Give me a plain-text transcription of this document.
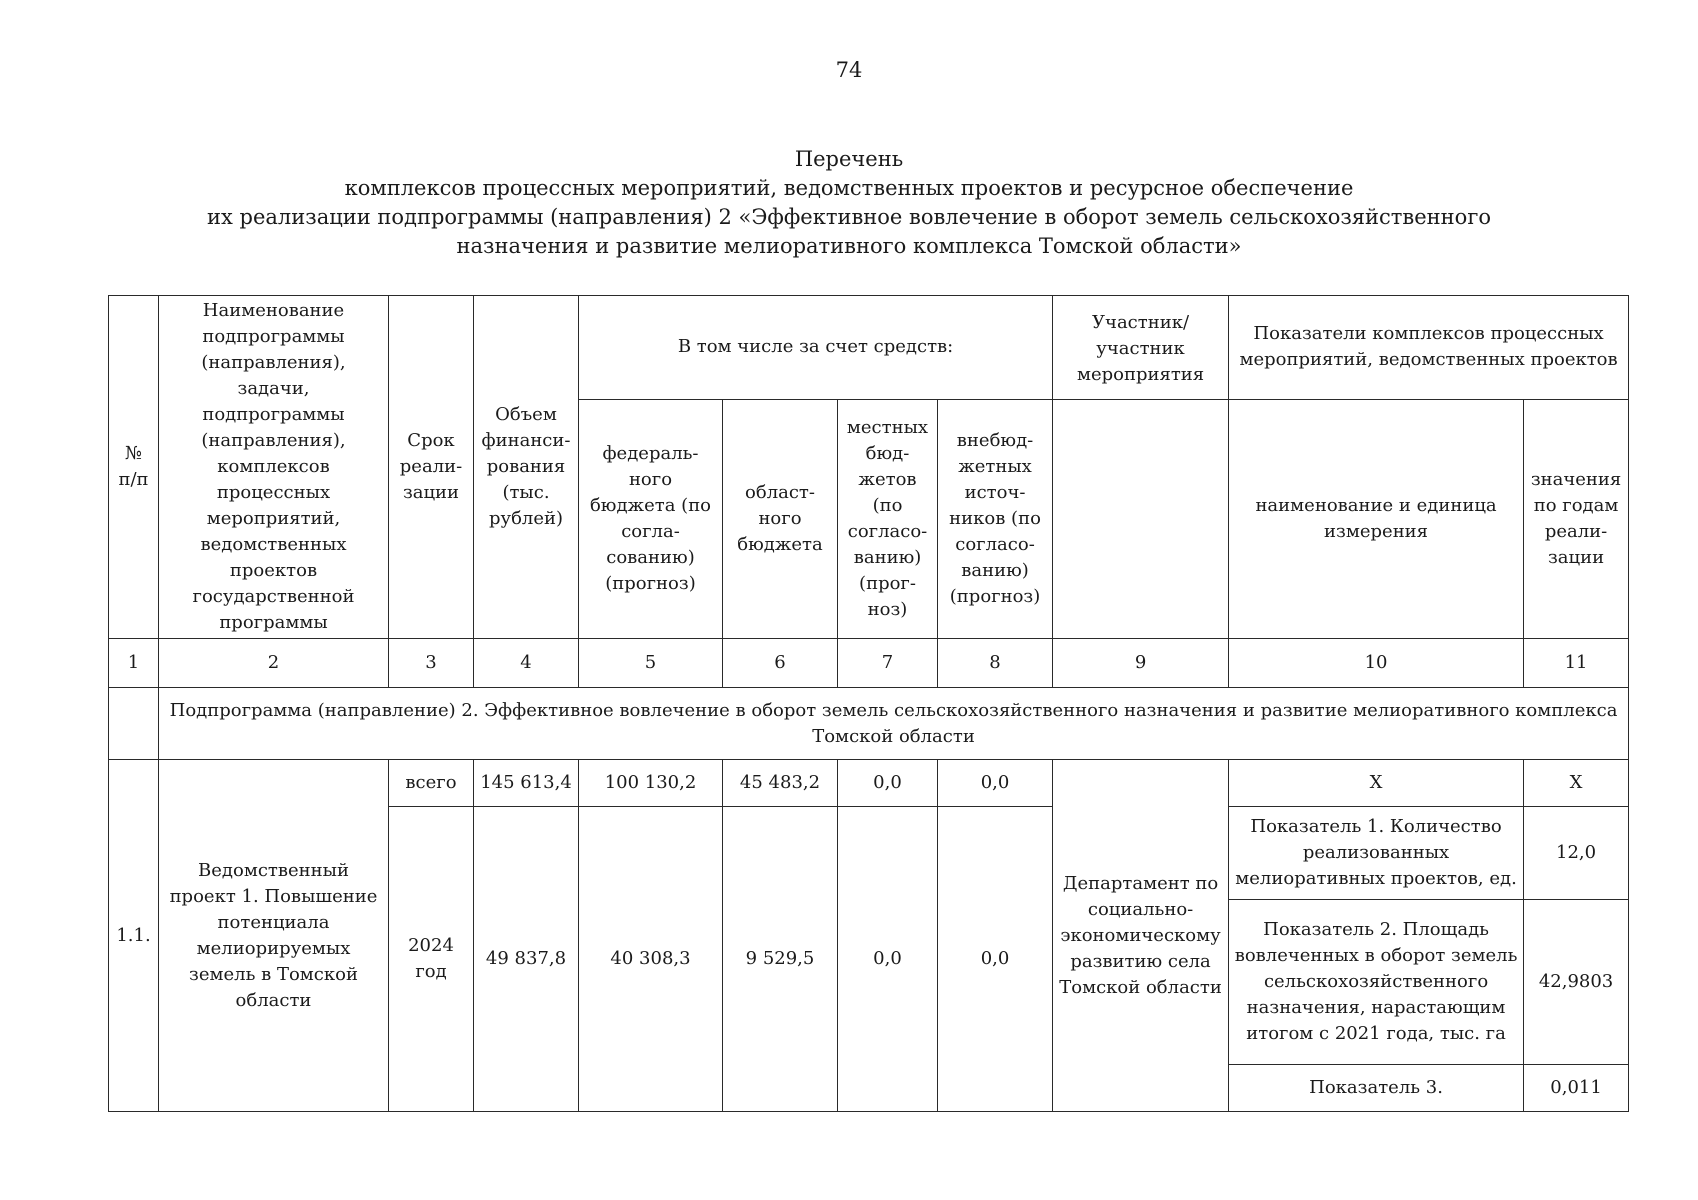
74
Перечень
комплексов процессных мероприятий, ведомственных проектов и ресурсное обеспечение
их реализации подпрограммы (направления) 2 «Эффективное вовлечение в оборот земель сельскохозяйственного
назначения и развитие мелиоративного комплекса Томской области»
№ п/п	Наименование подпрограммы (направления), задачи, подпрограммы (направления), комплексов процессных мероприятий, ведомственных проектов государственной программы	Срок реали-зации	Объем финанси-рования (тыс. рублей)	В том числе за счет средств:				Участник/ участник мероприятия	Показатели комплексов процессных мероприятий, ведомственных проектов	
				федераль-ного бюджета (по согла-сованию) (прогноз)	област-ного бюджета	местных бюд-жетов (по согласо-ванию) (прог-ноз)	внебюд-жетных источ-ников (по согласо-ванию) (прогноз)		наименование и единица измерения	значения по годам реали-зации
1	2	3	4	5	6	7	8	9	10	11
	Подпрограмма (направление) 2. Эффективное вовлечение в оборот земель сельскохозяйственного назначения и развитие мелиоративного комплекса Томской области									
1.1.	Ведомственный проект 1. Повышение потенциала мелиорируемых земель в Томской области	всего	145 613,4	100 130,2	45 483,2	0,0	0,0	Департамент по социально-экономическому развитию села Томской области	Х	Х
		2024 год	49 837,8	40 308,3	9 529,5	0,0	0,0		Показатель 1. Количество реализованных мелиоративных проектов, ед.	12,0
									Показатель 2. Площадь вовлеченных в оборот земель сельскохозяйственного назначения, нарастающим итогом с 2021 года, тыс. га	42,9803
									Показатель 3.	0,011
